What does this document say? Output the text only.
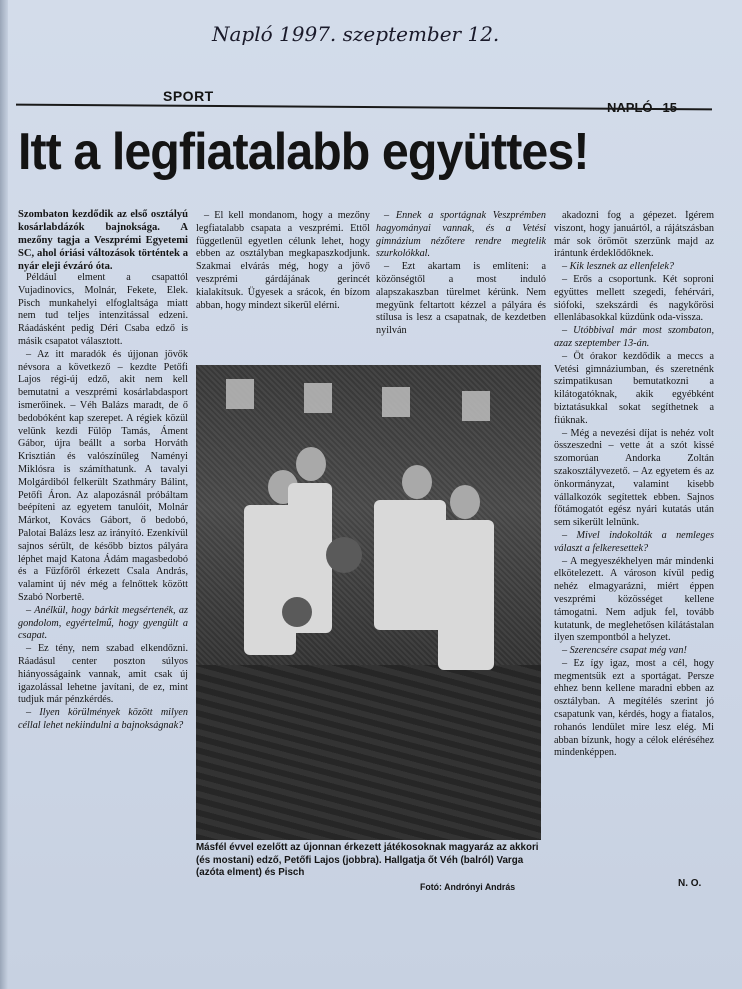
Napló 1997. szeptember 12.
SPORT
Itt a legfiatalabb együttes!
Szombaton kezdődik az első osztályú kosárlabdázók bajnoksága. A mezőny tagja a Veszprémi Egyetemi SC, ahol óriási változások történtek a nyár eleji évzáró óta.

Például elment a csapattól Vujadinovics, Molnár, Fekete, Elek. Pisch munkahelyi elfoglaltsága miatt nem tud teljes intenzitással edzeni. Ráadásként pedig Déri Csaba edző is másik csapatot választott.

– Az itt maradók és újjonan jövők névsora a következő – kezdte Petőfi Lajos régi-új edző, akit nem kell bemutatni a veszprémi kosárlabdasport ismerőinek. – Véh Balázs maradt, de ő bedobóként kap szerepet. A régiek közül velünk kezdi Fülöp Tamás, Áment Gábor, újra beállt a sorba Horváth Krisztián és valószínűleg Naményi Miklósra is számíthatunk. A tavalyi Molgárdiból felkerült Szathmáry Bálint, Petőfi Áron. Az alapozásnál próbáltam beépíteni az egyetem tanulóit, Molnár Márkot, Kovács Gábort, ő bedobó, Palotai Balázs lesz az irányító. Ezenkívül sajnos sérült, de később biztos pályára léphet majd Katona Ádám magasbedobó és a Fűzfőről érkezett Csala András, valamint új név még a felnőttek között Szabó Norbertê.

– Anélkül, hogy bárkit megsértenék, az gondolom, egyértelmű, hogy gyengült a csapat.

– Ez tény, nem szabad elkendőzni. Ráadásul center poszton súlyos hiányosságaink vannak, amit csak új igazolással lehetne javítani, de ez, mint tudjuk már pénzkérdés.

– Ilyen körülmények között milyen céllal lehet nekiindulni a bajnokságnak?

– El kell mondanom, hogy a mezőny legfiatalabb csapata a veszprémi. Ettől függetlenül egyetlen célunk lehet, hogy ebben az osztályban megkapaszkodjunk. Szakmai elvárás még, hogy a jövő veszprémi gárdájának gerincét kialakítsuk. Ügyesek a srácok, én bízom abban, hogy mindezt sikerül elérni.

– Ennek a sportágnak Veszprémben hagyományai vannak, és a Vetési gimnázium nézőtere rendre megtelik szurkolókkal.

– Ezt akartam is említeni: a közönségtől a most induló alapszakaszban türelmet kérünk. Nem megyünk feltartott kézzel a pályára és stílusa is lesz a csapatnak, de kezdetben nyilván

akadozni fog a gépezet. Ígérem viszont, hogy januártól, a rájátszásban már sok örömöt szerzünk majd az irántunk érdeklődőknek.

– Kik lesznek az ellenfelek?

– Erős a csoportunk. Két soproni együttes mellett szegedi, fehérvári, siófoki, szekszárdi és nagykőrösi ellenlábasokkal küzdünk oda-vissza.

– Utóbbival már most szombaton, azaz szeptember 13-án.

– Öt órakor kezdődik a meccs a Vetési gimnáziumban, és szeretnénk szimpatikusan bemutatkozni a kilátogatóknak, akik egyébként biztatásukkal sokat segíthetnek a fiúknak.

– Még a nevezési díjat is nehéz volt összeszedni – vette át a szót kissé szomorúan Andorka Zoltán szakosztályvezető. – Az egyetem és az önkormányzat, valamint kisebb vállalkozók segítettek ebben. Sajnos főtámogatót egész nyári kutatás után sem sikerült lelnünk.

– Mivel indokolták a nemleges választ a felkeresettek?

– A megyeszékhelyen már mindenki elkötelezett. A városon kívül pedig nehéz elmagyarázni, miért éppen veszprémi közösséget kellene támogatni. Nem adjuk fel, tovább kutatunk, de meglehetősen kilátástalan ilyen szempontból a helyzet.

– Szerencsére csapat még van!

– Ez így igaz, most a cél, hogy megmentsük ezt a sportágat. Persze ehhez benn kellene maradni ebben az osztályban. A megítélés szerint jó csapatunk van, kérdés, hogy a fiatalos, rohanós lendület mire lesz elég. Mi abban bízunk, hogy a célok eléréséhez mindenképpen.

N. O.
Másfél évvel ezelőtt az újonnan érkezett játékosoknak magyaráz az akkori (és mostani) edző, Petőfi Lajos (jobbra). Hallgatja őt Véh (balról) Varga (azóta elment) és Pisch
Fotó: Andrónyi András
